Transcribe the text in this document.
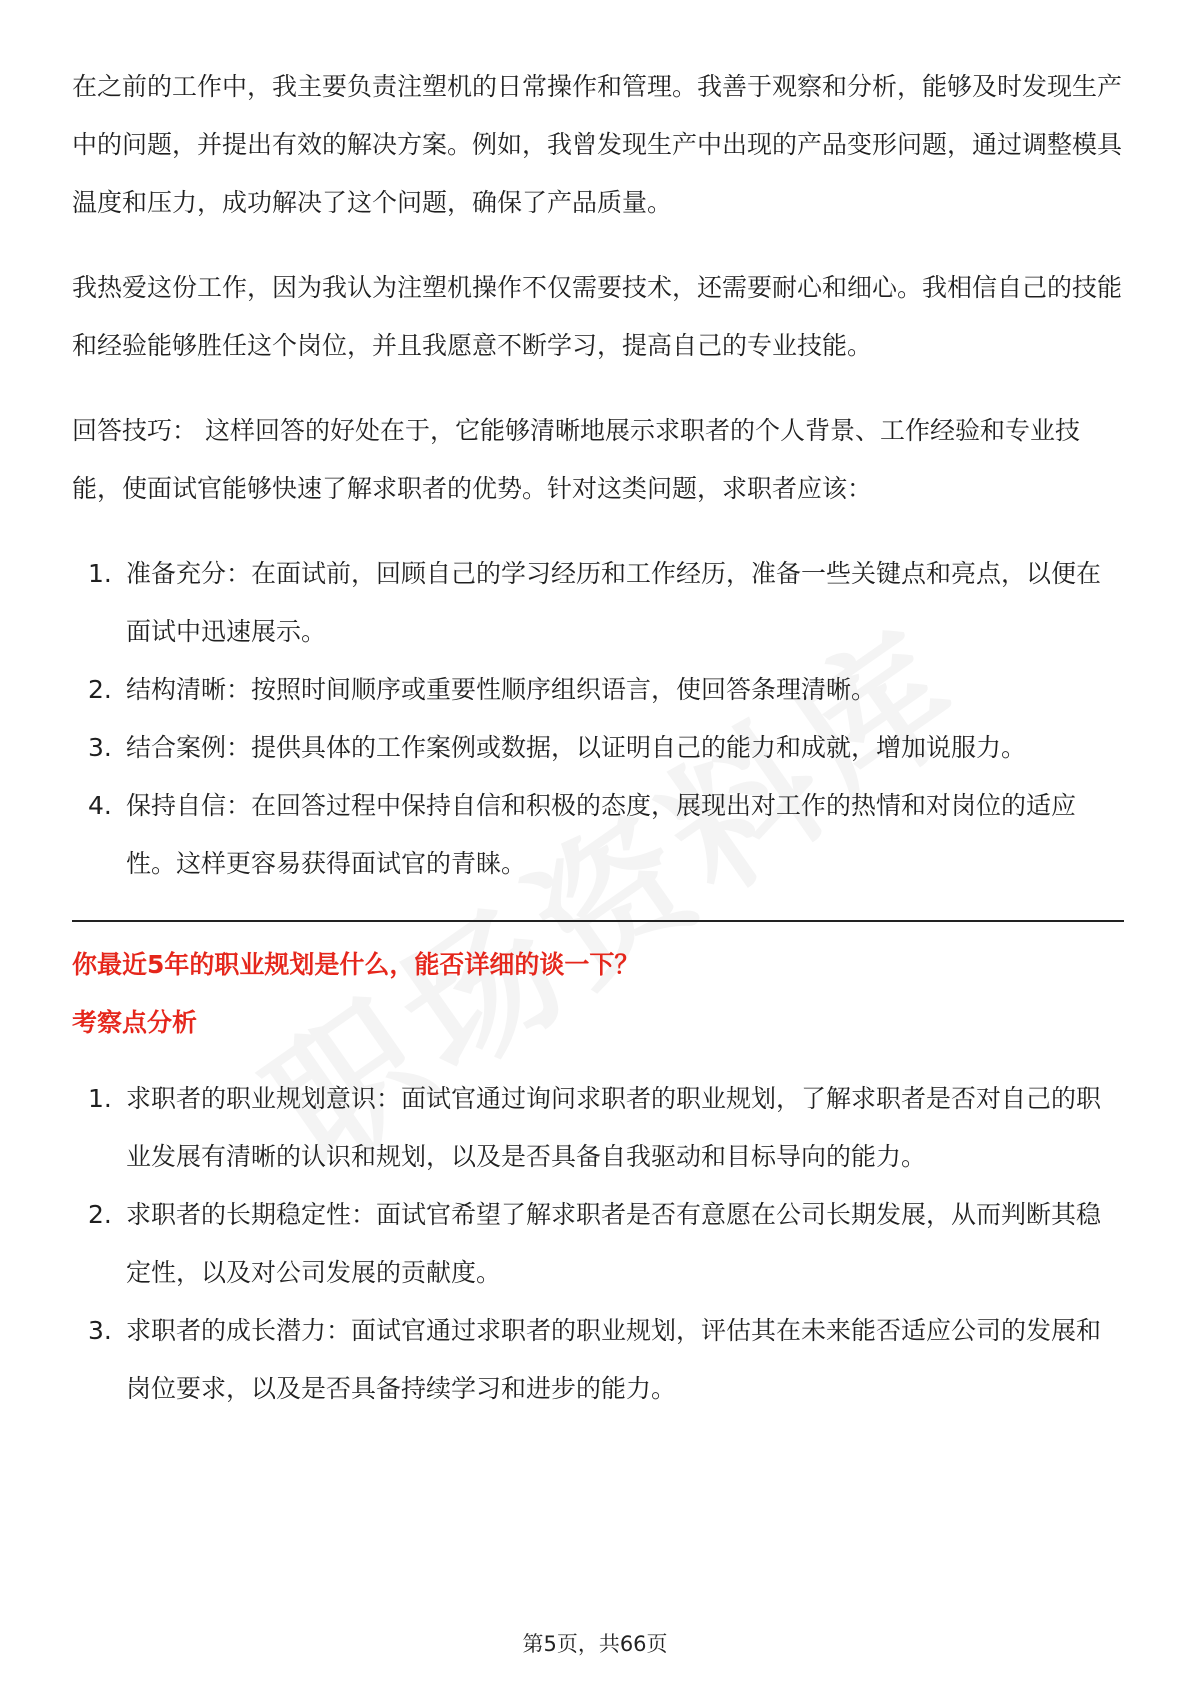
在之前的工作中，我主要负责注塑机的日常操作和管理。我善于观察和分析，能够及时发现生产中的问题，并提出有效的解决方案。例如，我曾发现生产中出现的产品变形问题，通过调整模具温度和压力，成功解决了这个问题，确保了产品质量。

我热爱这份工作，因为我认为注塑机操作不仅需要技术，还需要耐心和细心。我相信自己的技能和经验能够胜任这个岗位，并且我愿意不断学习，提高自己的专业技能。

回答技巧： 这样回答的好处在于，它能够清晰地展示求职者的个人背景、工作经验和专业技能，使面试官能够快速了解求职者的优势。针对这类问题，求职者应该：

1. 准备充分：在面试前，回顾自己的学习经历和工作经历，准备一些关键点和亮点，以便在面试中迅速展示。
2. 结构清晰：按照时间顺序或重要性顺序组织语言，使回答条理清晰。
3. 结合案例：提供具体的工作案例或数据，以证明自己的能力和成就，增加说服力。
4. 保持自信：在回答过程中保持自信和积极的态度，展现出对工作的热情和对岗位的适应性。这样更容易获得面试官的青睐。
你最近5年的职业规划是什么，能否详细的谈一下？
考察点分析
1. 求职者的职业规划意识：面试官通过询问求职者的职业规划，了解求职者是否对自己的职业发展有清晰的认识和规划，以及是否具备自我驱动和目标导向的能力。
2. 求职者的长期稳定性：面试官希望了解求职者是否有意愿在公司长期发展，从而判断其稳定性，以及对公司发展的贡献度。
3. 求职者的成长潜力：面试官通过求职者的职业规划，评估其在未来能否适应公司的发展和岗位要求，以及是否具备持续学习和进步的能力。
第5页，共66页
